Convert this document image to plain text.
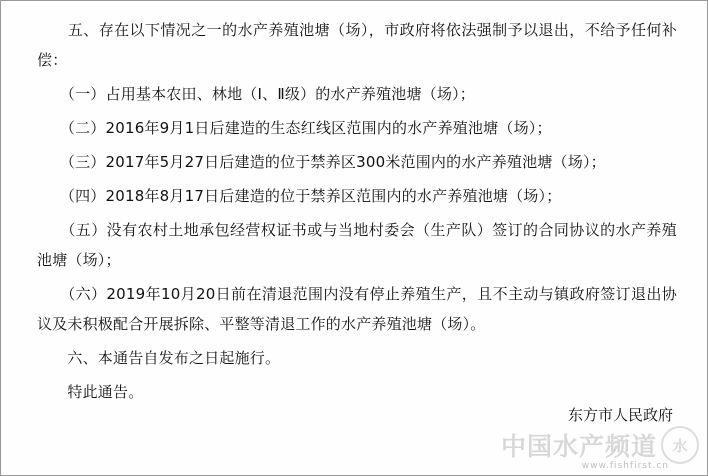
　　五、存在以下情况之一的水产养殖池塘（场），市政府将依法强制予以退出，不给予任何补偿：

　　（一）占用基本农田、林地（Ⅰ、Ⅱ级）的水产养殖池塘（场）；

　　（二）2016年9月1日后建造的生态红线区范围内的水产养殖池塘（场）；

　　（三）2017年5月27日后建造的位于禁养区300米范围内的水产养殖池塘（场）；

　　（四）2018年8月17日后建造的位于禁养区范围内的水产养殖池塘（场）；

　　（五）没有农村土地承包经营权证书或与当地村委会（生产队）签订的合同协议的水产养殖池塘（场）；

　　（六）2019年10月20日前在清退范围内没有停止养殖生产，且不主动与镇政府签订退出协议及未积极配合开展拆除、平整等清退工作的水产养殖池塘（场）。

　　六、本通告自发布之日起施行。

　　特此通告。

东方市人民政府
中国水产频道	水
www.fishfirst.cn
